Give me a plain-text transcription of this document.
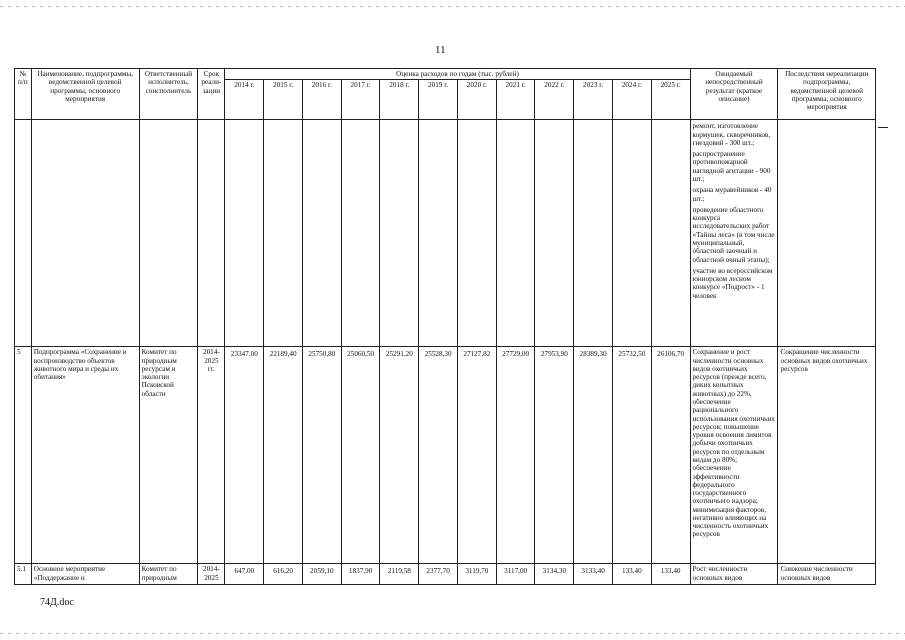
11
№ п/п	Наименование, подпрограммы, ведомственной целевой программы, основного мероприятия	Ответственный исполнитель, соисполнитель	Срок реали-зации	Оценка расходов по годам (тыс. рублей)												Ожидаемый непосредственный результат (краткое описание)	Последствия нереализации подпрограммы, ведомственной целевой программы, основного мероприятия
				2014 г.	2015 г.	2016 г.	2017 г.	2018 г.	2019 г.	2020 г.	2021 г.	2022 г.	2023 г.	2024 г.	2025 г.		

																ремонт, изготовление кормушек, скворечников, гнездовий - 300 шт.;

распространение противопожарной наглядной агитации - 900 шт.;

охрана муравейников - 40 шт.;

проведение областного конкурса исследовательских работ «Тайны леса» (в том числе муниципальный, областной заочный и областной очный этапы);

участие во всероссийском юниорском лесном конкурсе «Подрост» - 1 человек	

5	Подпрограмма «Сохранение и воспроизводство объектов животного мира и среды их обитания»	Комитет по природным ресурсам и экологии Псковской области	2014-2025 гг.	23347,00	22189,40	25750,80	25060,50	25291,20	25528,30	27127,82	27729,00	27953,90	28389,30	25732,50	26106,70	Сохранение и рост численности основных видов охотничьих ресурсов (прежде всего, диких копытных животных) до 22%, обеспечение рационального использования охотничьих ресурсов; повышение уровня освоения лимитов добычи охотничьих ресурсов по отдельным видам до 80%; обеспечение эффективности федерального государственного охотничьего надзора; минимизация факторов, негативно влияющих на численность охотничьих ресурсов	Сокращение численности основных видов охотничьих ресурсов
5.1	Основное мероприятие «Поддержание и	Комитет по природным	2014-2025	647,00	616,20	2059,10	1837,90	2119,58	2377,70	3119,70	3117,00	3134,30	3133,40	133,40	133,40	Рост численности основных видов	Снижение численности основных видов
74Д.doc
